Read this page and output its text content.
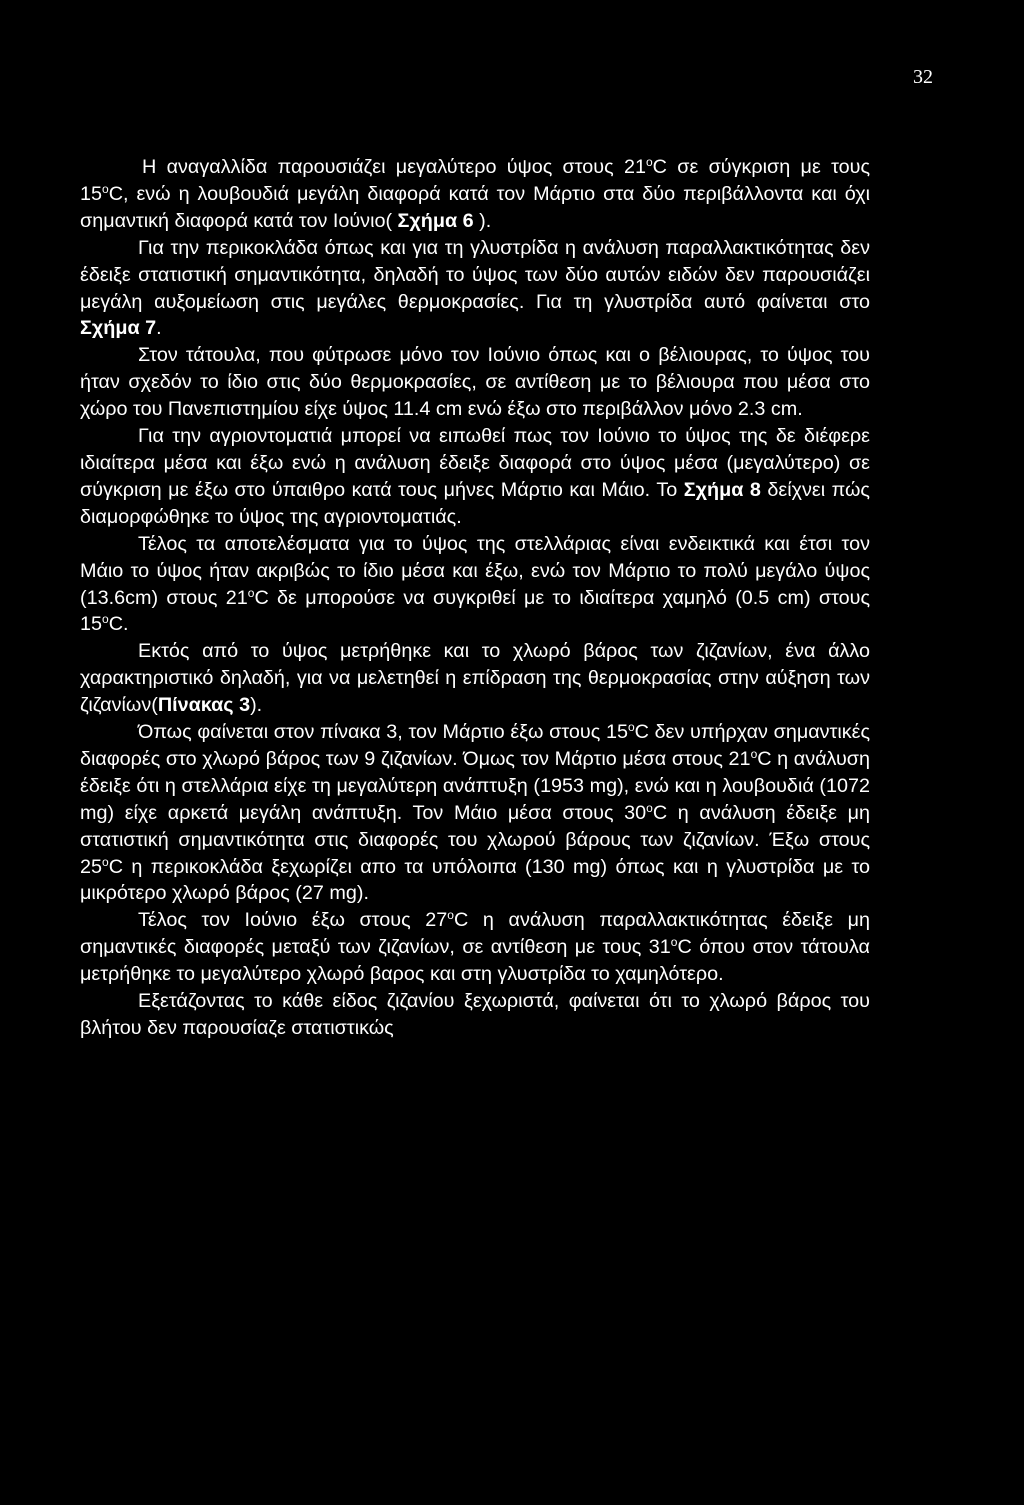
32

Η αναγαλλίδα παρουσιάζει μεγαλύτερο ύψος στους 21$^o$C σε σύγκριση με τους 15$^o$C, ενώ η λουβουδιά μεγάλη διαφορά κατά τον Μάρτιο στα δύο περιβάλλοντα και όχι σημαντική διαφορά κατά τον Ιούνιο( Σχήμα 6 ).

Για την περικοκλάδα όπως και για τη γλυστρίδα η ανάλυση παραλλακτικότητας δεν έδειξε στατιστική σημαντικότητα, δηλαδή το ύψος των δύο αυτών ειδών δεν παρουσιάζει μεγάλη αυξομείωση στις μεγάλες θερμοκρασίες. Για τη γλυστρίδα αυτό φαίνεται στο Σχήμα 7.

Στον τάτουλα, που φύτρωσε μόνο τον Ιούνιο όπως και ο βέλιουρας, το ύψος του ήταν σχεδόν το ίδιο στις δύο θερμοκρασίες, σε αντίθεση με το βέλιουρα που μέσα στο χώρο του Πανεπιστημίου είχε ύψος 11.4 cm ενώ έξω στο περιβάλλον μόνο 2.3 cm.

Για την αγριοντοματιά μπορεί να ειπωθεί πως τον Ιούνιο το ύψος της δε διέφερε ιδιαίτερα μέσα και έξω ενώ η ανάλυση έδειξε διαφορά στο ύψος μέσα (μεγαλύτερο) σε σύγκριση με έξω στο ύπαιθρο κατά τους μήνες Μάρτιο και Μάιο. Το Σχήμα 8 δείχνει πώς διαμορφώθηκε το ύψος της αγριοντοματιάς.

Τέλος τα αποτελέσματα για το ύψος της στελλάριας είναι ενδεικτικά και έτσι τον Μάιο το ύψος ήταν ακριβώς το ίδιο μέσα και έξω, ενώ τον Μάρτιο το πολύ μεγάλο ύψος (13.6cm) στους 21$^o$C δε μπορούσε να συγκριθεί με το ιδιαίτερα χαμηλό (0.5 cm) στους 15$^o$C.

Εκτός από το ύψος μετρήθηκε και το χλωρό βάρος των ζιζανίων, ένα άλλο χαρακτηριστικό δηλαδή, για να μελετηθεί η επίδραση της θερμοκρασίας στην αύξηση των ζιζανίων(Πίνακας 3).

Όπως φαίνεται στον πίνακα 3, τον Μάρτιο έξω στους 15$^o$C δεν υπήρχαν σημαντικές διαφορές στο χλωρό βάρος των 9 ζιζανίων. Όμως τον Μάρτιο μέσα στους 21$^o$C η ανάλυση έδειξε ότι η στελλάρια είχε τη μεγαλύτερη ανάπτυξη (1953 mg), ενώ και η λουβουδιά (1072 mg) είχε αρκετά μεγάλη ανάπτυξη. Τον Μάιο μέσα στους 30$^o$C η ανάλυση έδειξε μη στατιστική σημαντικότητα στις διαφορές του χλωρού βάρους των ζιζανίων. Έξω στους 25$^o$C η περικοκλάδα ξεχωρίζει απο τα υπόλοιπα (130 mg) όπως και η γλυστρίδα με το μικρότερο χλωρό βάρος (27 mg).

Τέλος τον Ιούνιο έξω στους 27$^o$C η ανάλυση παραλλακτικότητας έδειξε μη σημαντικές διαφορές μεταξύ των ζιζανίων, σε αντίθεση με τους 31$^o$C όπου στον τάτουλα μετρήθηκε το μεγαλύτερο χλωρό βαρος και στη γλυστρίδα το χαμηλότερο.

Εξετάζοντας το κάθε είδος ζιζανίου ξεχωριστά, φαίνεται ότι το χλωρό βάρος του βλήτου δεν παρουσίαζε στατιστικώς
